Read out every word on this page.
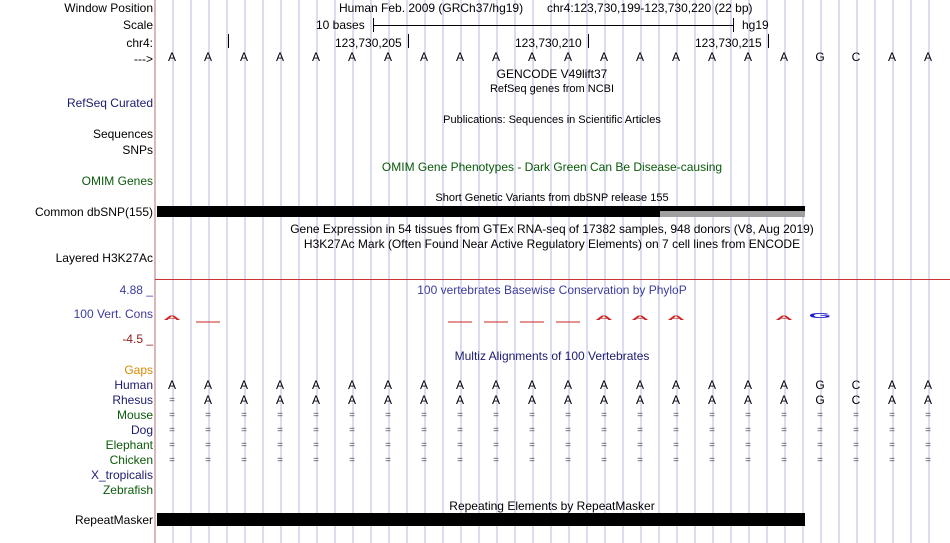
Window Position
Scale
chr4:
--->
Human Feb. 2009 (GRCh37/hg19) chr4:123,730,199-123,730,220 (22 bp)
10 bases	hg19
123,730,205	123,730,210	123,730,215
A A A A A A A A A A A A A A A A A A G C A A
GENCODE V49lift37
RefSeq genes from NCBI
RefSeq Curated
Publications: Sequences in Scientific Articles
Sequences
SNPs
OMIM Gene Phenotypes - Dark Green Can Be Disease-causing
OMIM Genes
Short Genetic Variants from dbSNP release 155
Common dbSNP(155)
Gene Expression in 54 tissues from GTEx RNA-seq of 17382 samples, 948 donors (V8, Aug 2019)
H3K27Ac Mark (Often Found Near Active Regulatory Elements) on 7 cell lines from ENCODE
Layered H3K27Ac
4.88 _	100 vertebrates Basewise Conservation by PhyloP
100 Vert. Cons
-4.5 _
A	A A A	A G
Multiz Alignments of 100 Vertebrates
Gaps
Human A A A A A A A A A A A A A A A A A A G C A A
Rhesus	= A A A A A A A A A A A A A A A A A G C A A
Mouse	=	=	=	=	=	=	=	=	=	=	=	=	=	=	=	=	=	=	=	=	=	=
Dog	=	=	=	=	=	=	=	=	=	=	=	=	=	=	=	=	=	=	=	=	=	=
Elephant	=	=	=	=	=	=	=	=	=	=	=	=	=	=	=	=	=	=	=	=	=	=
Chicken	=	=	=	=	=	=	=	=	=	=	=	=	=	=	=	=	=	=	=	=	=	=
X_tropicalis
Zebrafish
Repeating Elements by RepeatMasker
RepeatMasker
